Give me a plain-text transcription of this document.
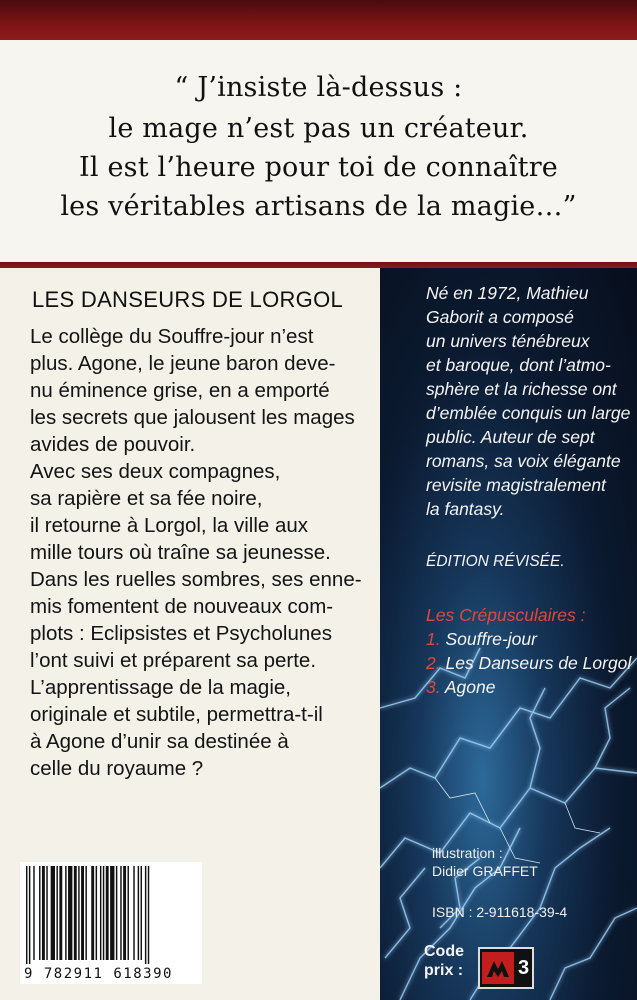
“ J’insiste là-dessus :
le mage n’est pas un créateur.
Il est l’heure pour toi de connaître
les véritables artisans de la magie…”
LES DANSEURS DE LORGOL
Le collège du Souffre-jour n’est
plus. Agone, le jeune baron deve-
nu éminence grise, en a emporté
les secrets que jalousent les mages
avides de pouvoir.
Avec ses deux compagnes,
sa rapière et sa fée noire,
il retourne à Lorgol, la ville aux
mille tours où traîne sa jeunesse.
Dans les ruelles sombres, ses enne-
mis fomentent de nouveaux com-
plots : Eclipsistes et Psycholunes
l’ont suivi et préparent sa perte.
L’apprentissage de la magie,
originale et subtile, permettra-t-il
à Agone d’unir sa destinée à
celle du royaume ?
Né en 1972, Mathieu
Gaborit a composé
un univers ténébreux
et baroque, dont l’atmo-
sphère et la richesse ont
d’emblée conquis un large
public. Auteur de sept
romans, sa voix élégante
revisite magistralement
la fantasy.
ÉDITION RÉVISÉE.
Les Crépusculaires :
1. Souffre-jour
2. Les Danseurs de Lorgol
3. Agone
illustration :
Didier GRAFFET
ISBN : 2-911618-39-4
Code
prix :	3
9 782911 618390
